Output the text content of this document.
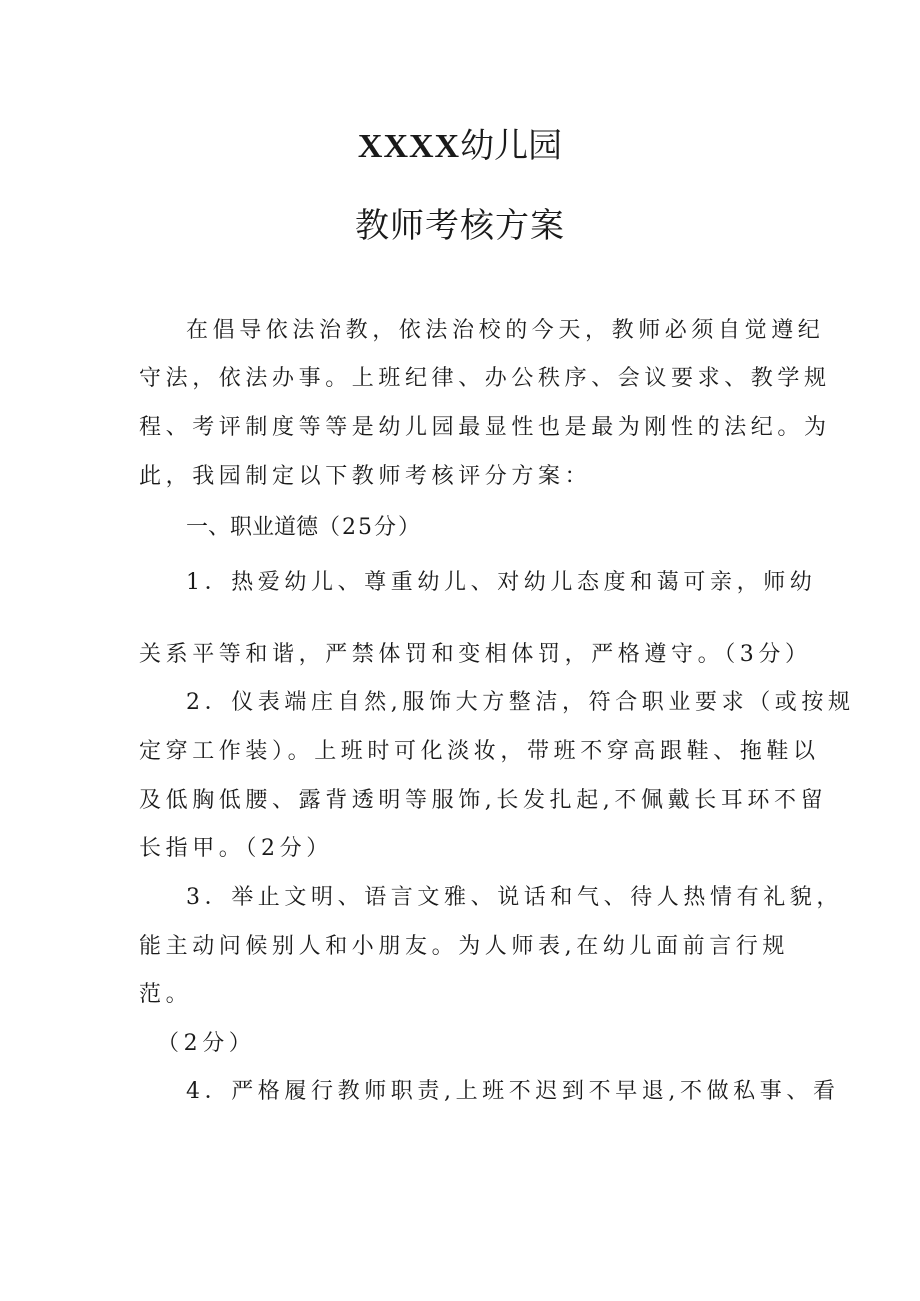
XXXX幼儿园
教师考核方案

在倡导依法治教，依法治校的今天，教师必须自觉遵纪

守法，依法办事。上班纪律、办公秩序、会议要求、教学规

程、考评制度等等是幼儿园最显性也是最为刚性的法纪。为

此，我园制定以下教师考核评分方案：

一、职业道德（25分）

1．热爱幼儿、尊重幼儿、对幼儿态度和蔼可亲，师幼

关系平等和谐，严禁体罚和变相体罚，严格遵守。（3分）

2．仪表端庄自然,服饰大方整洁，符合职业要求（或按规

定穿工作装）。上班时可化淡妆，带班不穿高跟鞋、拖鞋以

及低胸低腰、露背透明等服饰,长发扎起,不佩戴长耳环不留

长指甲。（2分）

3．举止文明、语言文雅、说话和气、待人热情有礼貌，

能主动问候别人和小朋友。为人师表,在幼儿面前言行规

范。

（2分）

4．严格履行教师职责,上班不迟到不早退,不做私事、看
